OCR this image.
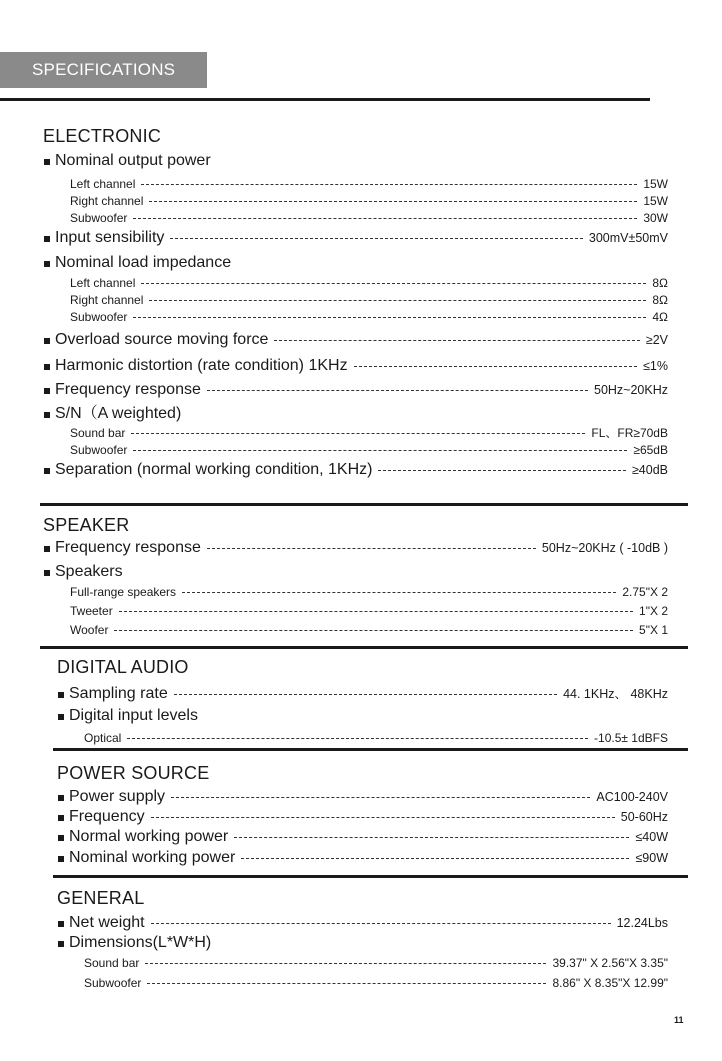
SPECIFICATIONS
ELECTRONIC
Nominal output power
Left channel	15W
Right channel	15W
Subwoofer	30W
Input sensibility	300mV±50mV
Nominal load impedance
Left channel	8Ω
Right channel	8Ω
Subwoofer	4Ω
Overload source moving force	≥2V
Harmonic distortion (rate condition) 1KHz	≤1%
Frequency response	50Hz~20KHz
S/N（A weighted)
Sound bar	FL、FR≥70dB
Subwoofer	≥65dB
Separation (normal working condition, 1KHz)	≥40dB
SPEAKER
Frequency response	50Hz~20KHz ( -10dB )
Speakers
Full-range speakers	2.75"X 2
Tweeter	1"X 2
Woofer	5"X 1
DIGITAL AUDIO
Sampling rate	44. 1KHz、 48KHz
Digital input levels
Optical	-10.5± 1dBFS
POWER SOURCE
Power supply	AC100-240V
Frequency	50-60Hz
Normal working power	≤40W
Nominal working power	≤90W
GENERAL
Net weight	12.24Lbs
Dimensions(L*W*H)
Sound bar	39.37" X 2.56"X 3.35"
Subwoofer	8.86" X 8.35"X 12.99"
11
